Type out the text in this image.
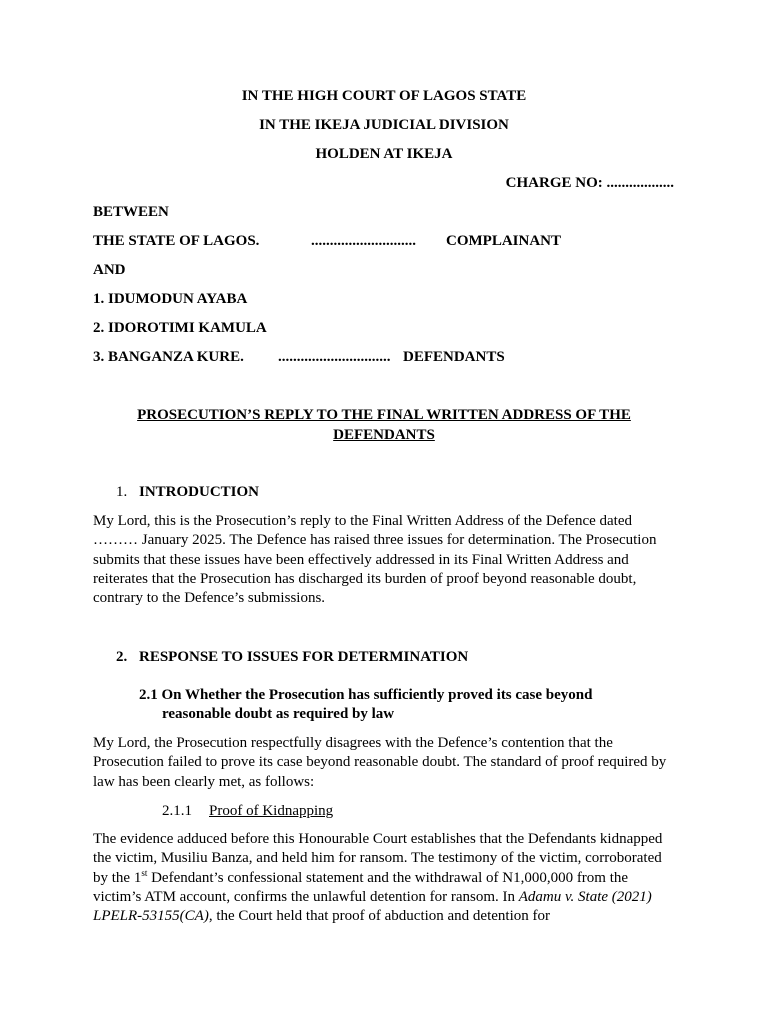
IN THE HIGH COURT OF LAGOS STATE
IN THE IKEJA JUDICIAL DIVISION
HOLDEN AT IKEJA
CHARGE NO: ..................
BETWEEN
THE STATE OF LAGOS.	............................ COMPLAINANT
AND
1. IDUMODUN AYABA
2. IDOROTIMI KAMULA
3. BANGANZA KURE. .............................. DEFENDANTS
PROSECUTION’S REPLY TO THE FINAL WRITTEN ADDRESS OF THE
DEFENDANTS
1. INTRODUCTION
My Lord, this is the Prosecution’s reply to the Final Written Address of the Defence dated ……… January 2025. The Defence has raised three issues for determination. The Prosecution submits that these issues have been effectively addressed in its Final Written Address and reiterates that the Prosecution has discharged its burden of proof beyond reasonable doubt, contrary to the Defence’s submissions.
2. RESPONSE TO ISSUES FOR DETERMINATION
2.1 On Whether the Prosecution has sufficiently proved its case beyond
reasonable doubt as required by law
My Lord, the Prosecution respectfully disagrees with the Defence’s contention that the Prosecution failed to prove its case beyond reasonable doubt. The standard of proof required by law has been clearly met, as follows:
2.1.1 Proof of Kidnapping
The evidence adduced before this Honourable Court establishes that the Defendants kidnapped the victim, Musiliu Banza, and held him for ransom. The testimony of the victim, corroborated by the 1st Defendant’s confessional statement and the withdrawal of N1,000,000 from the victim’s ATM account, confirms the unlawful detention for ransom. In Adamu v. State (2021) LPELR-53155(CA), the Court held that proof of abduction and detention for
